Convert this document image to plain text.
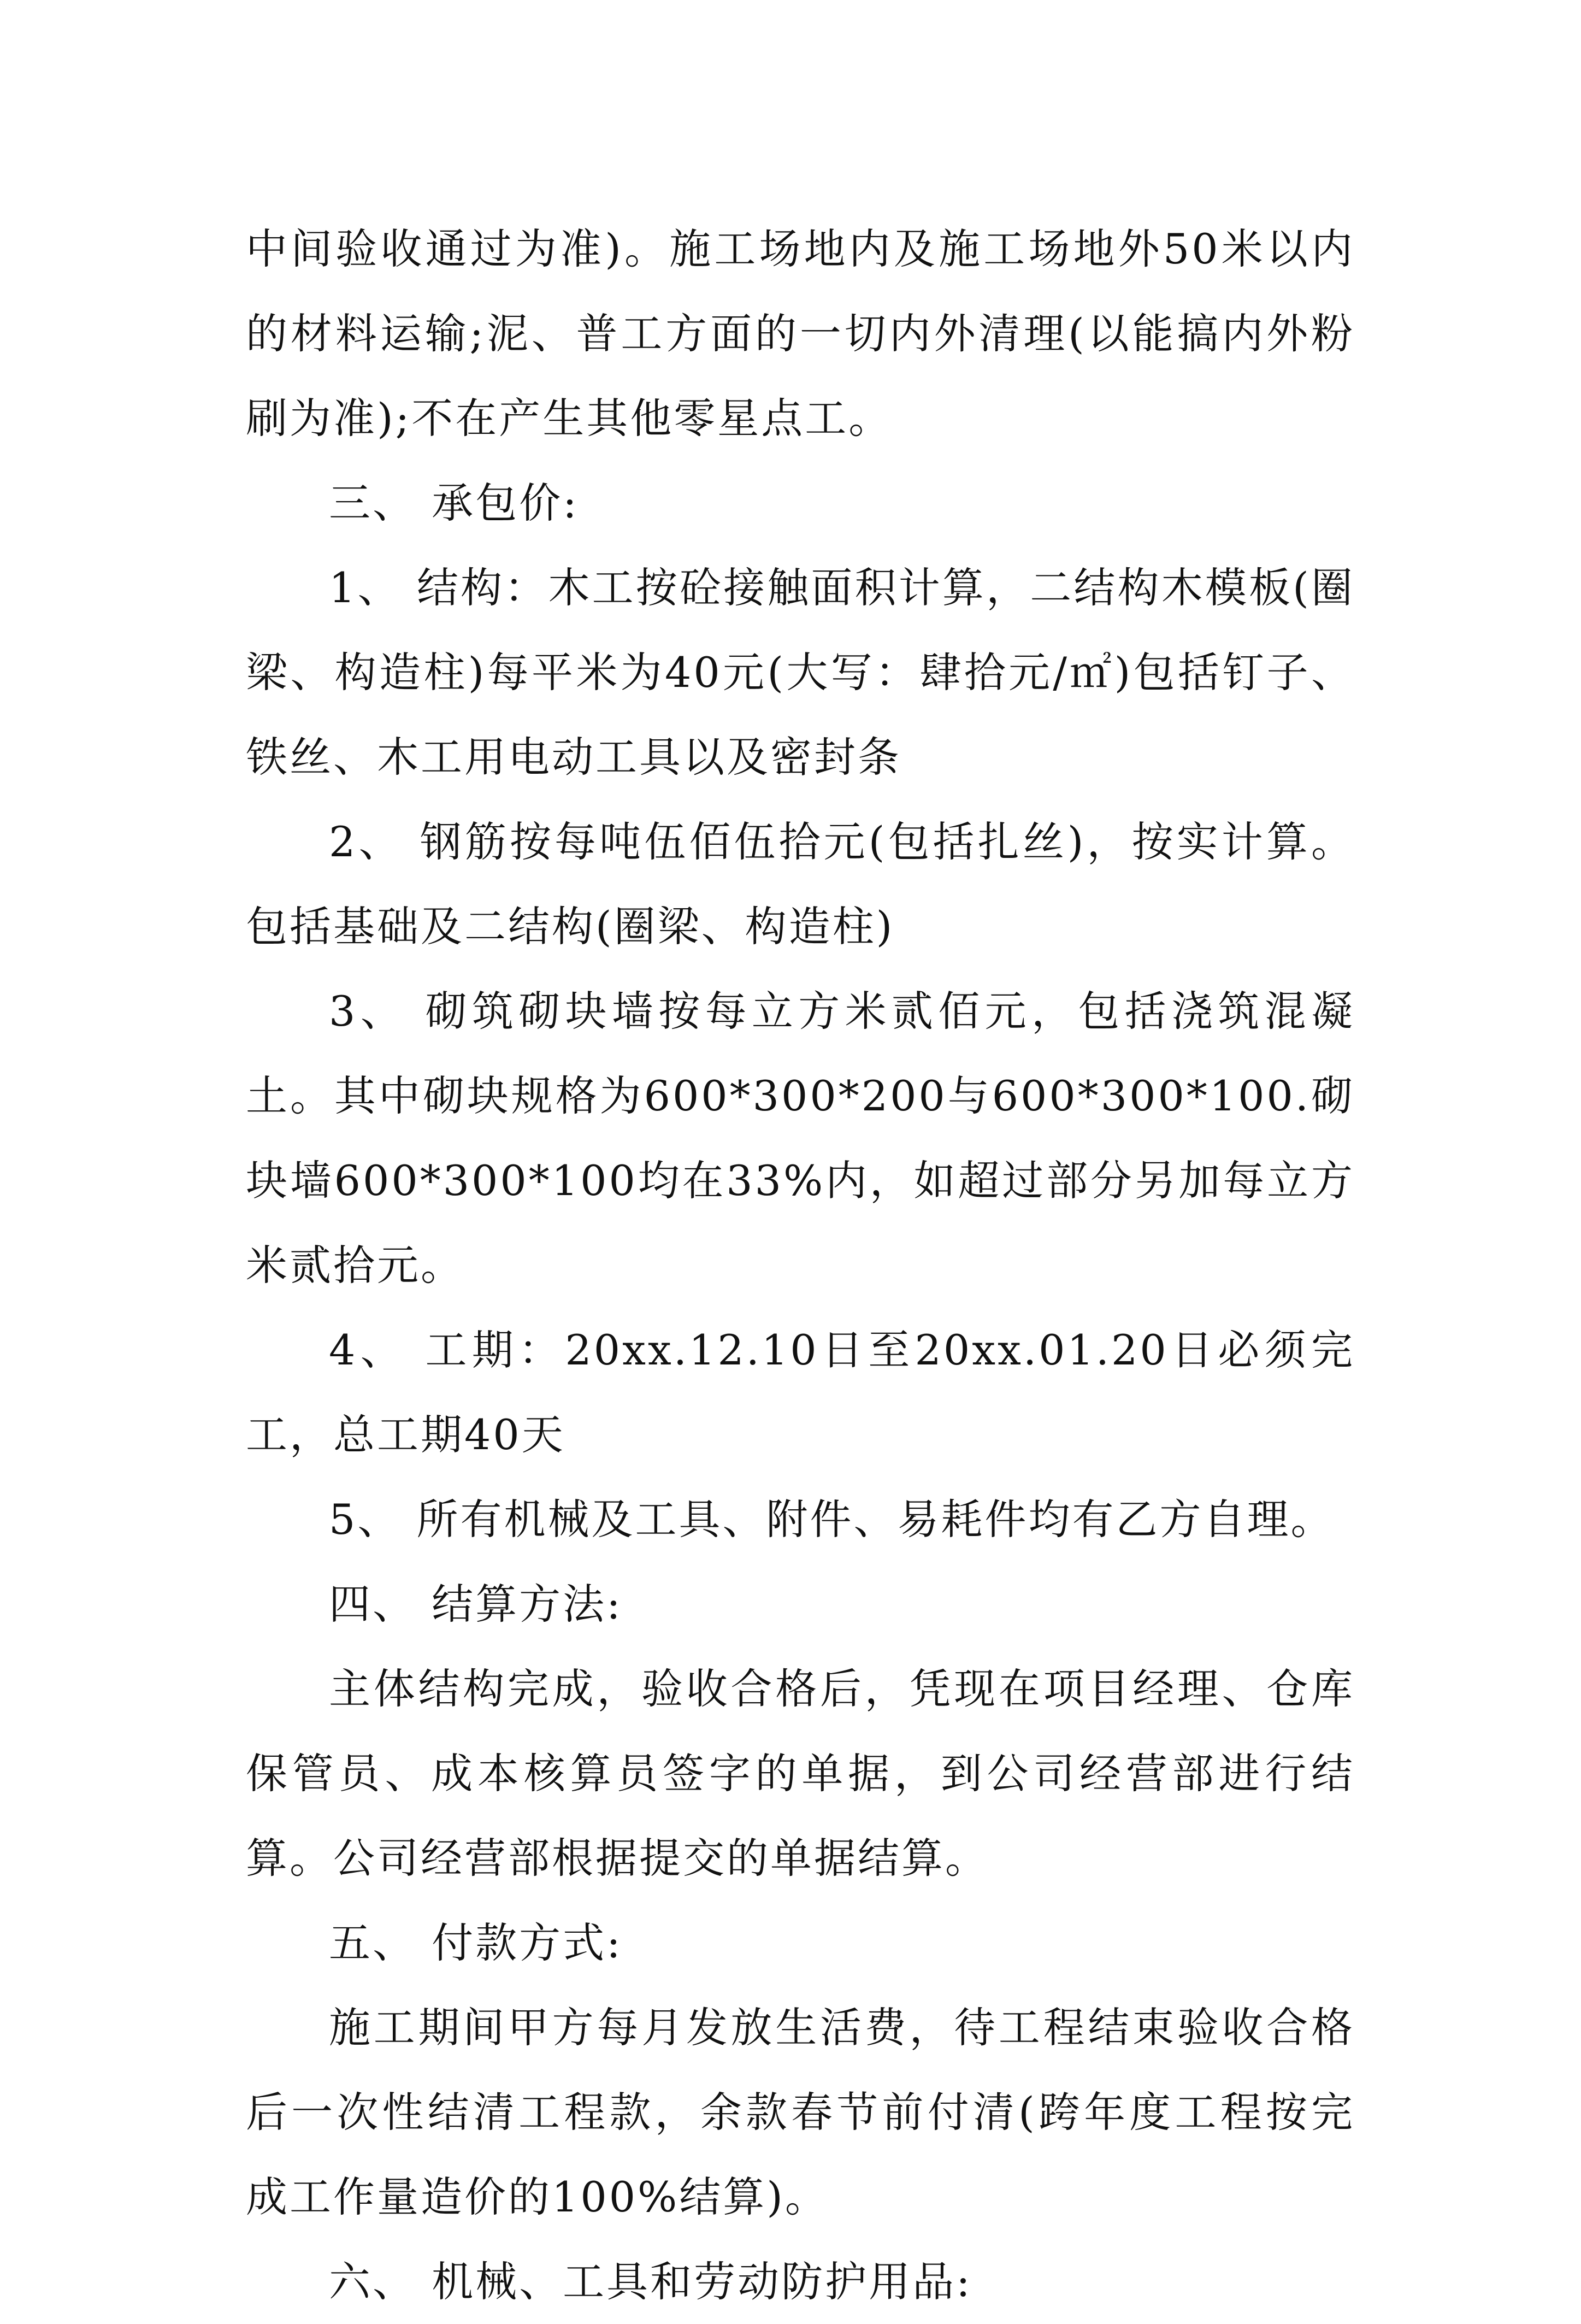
中间验收通过为准)。施工场地内及施工场地外50米以内的材料运输;泥、普工方面的一切内外清理(以能搞内外粉刷为准);不在产生其他零星点工。

三、 承包价:

1、 结构：木工按砼接触面积计算，二结构木模板(圈梁、构造柱)每平米为40元(大写：肆拾元/㎡)包括钉子、铁丝、木工用电动工具以及密封条

2、 钢筋按每吨伍佰伍拾元(包括扎丝)，按实计算。包括基础及二结构(圈梁、构造柱)

3、 砌筑砌块墙按每立方米贰佰元，包括浇筑混凝土。其中砌块规格为600*300*200与600*300*100.砌块墙600*300*100均在33%内，如超过部分另加每立方米贰拾元。

4、 工期：20xx.12.10日至20xx.01.20日必须完工，总工期40天

5、 所有机械及工具、附件、易耗件均有乙方自理。

四、 结算方法:

主体结构完成，验收合格后，凭现在项目经理、仓库保管员、成本核算员签字的单据，到公司经营部进行结算。公司经营部根据提交的单据结算。

五、 付款方式:

施工期间甲方每月发放生活费，待工程结束验收合格后一次性结清工程款，余款春节前付清(跨年度工程按完成工作量造价的100%结算)。

六、 机械、工具和劳动防护用品:
